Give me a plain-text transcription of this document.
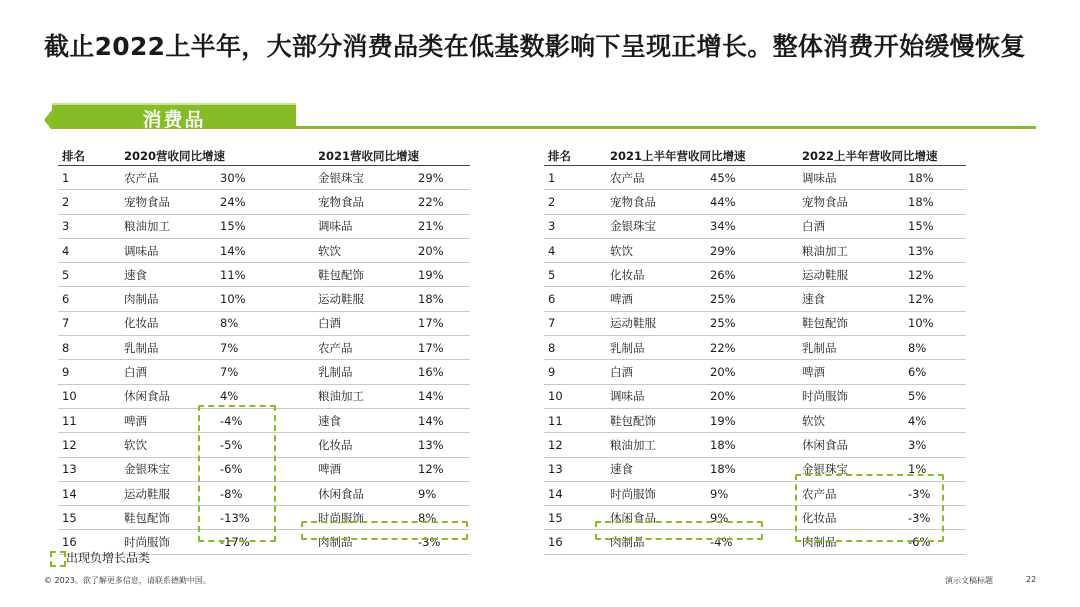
截止2022上半年，大部分消费品类在低基数影响下呈现正增长。整体消费开始缓慢恢复
消费品
排名	2020营收同比增速		2021营收同比增速	
1	农产品	30%	金银珠宝	29%
2	宠物食品	24%	宠物食品	22%
3	粮油加工	15%	调味品	21%
4	调味品	14%	软饮	20%
5	速食	11%	鞋包配饰	19%
6	肉制品	10%	运动鞋服	18%
7	化妆品	8%	白酒	17%
8	乳制品	7%	农产品	17%
9	白酒	7%	乳制品	16%
10	休闲食品	4%	粮油加工	14%
11	啤酒	-4%	速食	14%
12	软饮	-5%	化妆品	13%
13	金银珠宝	-6%	啤酒	12%
14	运动鞋服	-8%	休闲食品	9%
15	鞋包配饰	-13%	时尚服饰	8%
16	时尚服饰	-17%	肉制品	-3%
排名	2021上半年营收同比增速		2022上半年营收同比增速	
1	农产品	45%	调味品	18%
2	宠物食品	44%	宠物食品	18%
3	金银珠宝	34%	白酒	15%
4	软饮	29%	粮油加工	13%
5	化妆品	26%	运动鞋服	12%
6	啤酒	25%	速食	12%
7	运动鞋服	25%	鞋包配饰	10%
8	乳制品	22%	乳制品	8%
9	白酒	20%	啤酒	6%
10	调味品	20%	时尚服饰	5%
11	鞋包配饰	19%	软饮	4%
12	粮油加工	18%	休闲食品	3%
13	速食	18%	金银珠宝	1%
14	时尚服饰	9%	农产品	-3%
15	休闲食品	9%	化妆品	-3%
16	肉制品	-4%	肉制品	-6%
出现负增长品类
© 2023。欲了解更多信息，请联系德勤中国。	演示文稿标题	22
